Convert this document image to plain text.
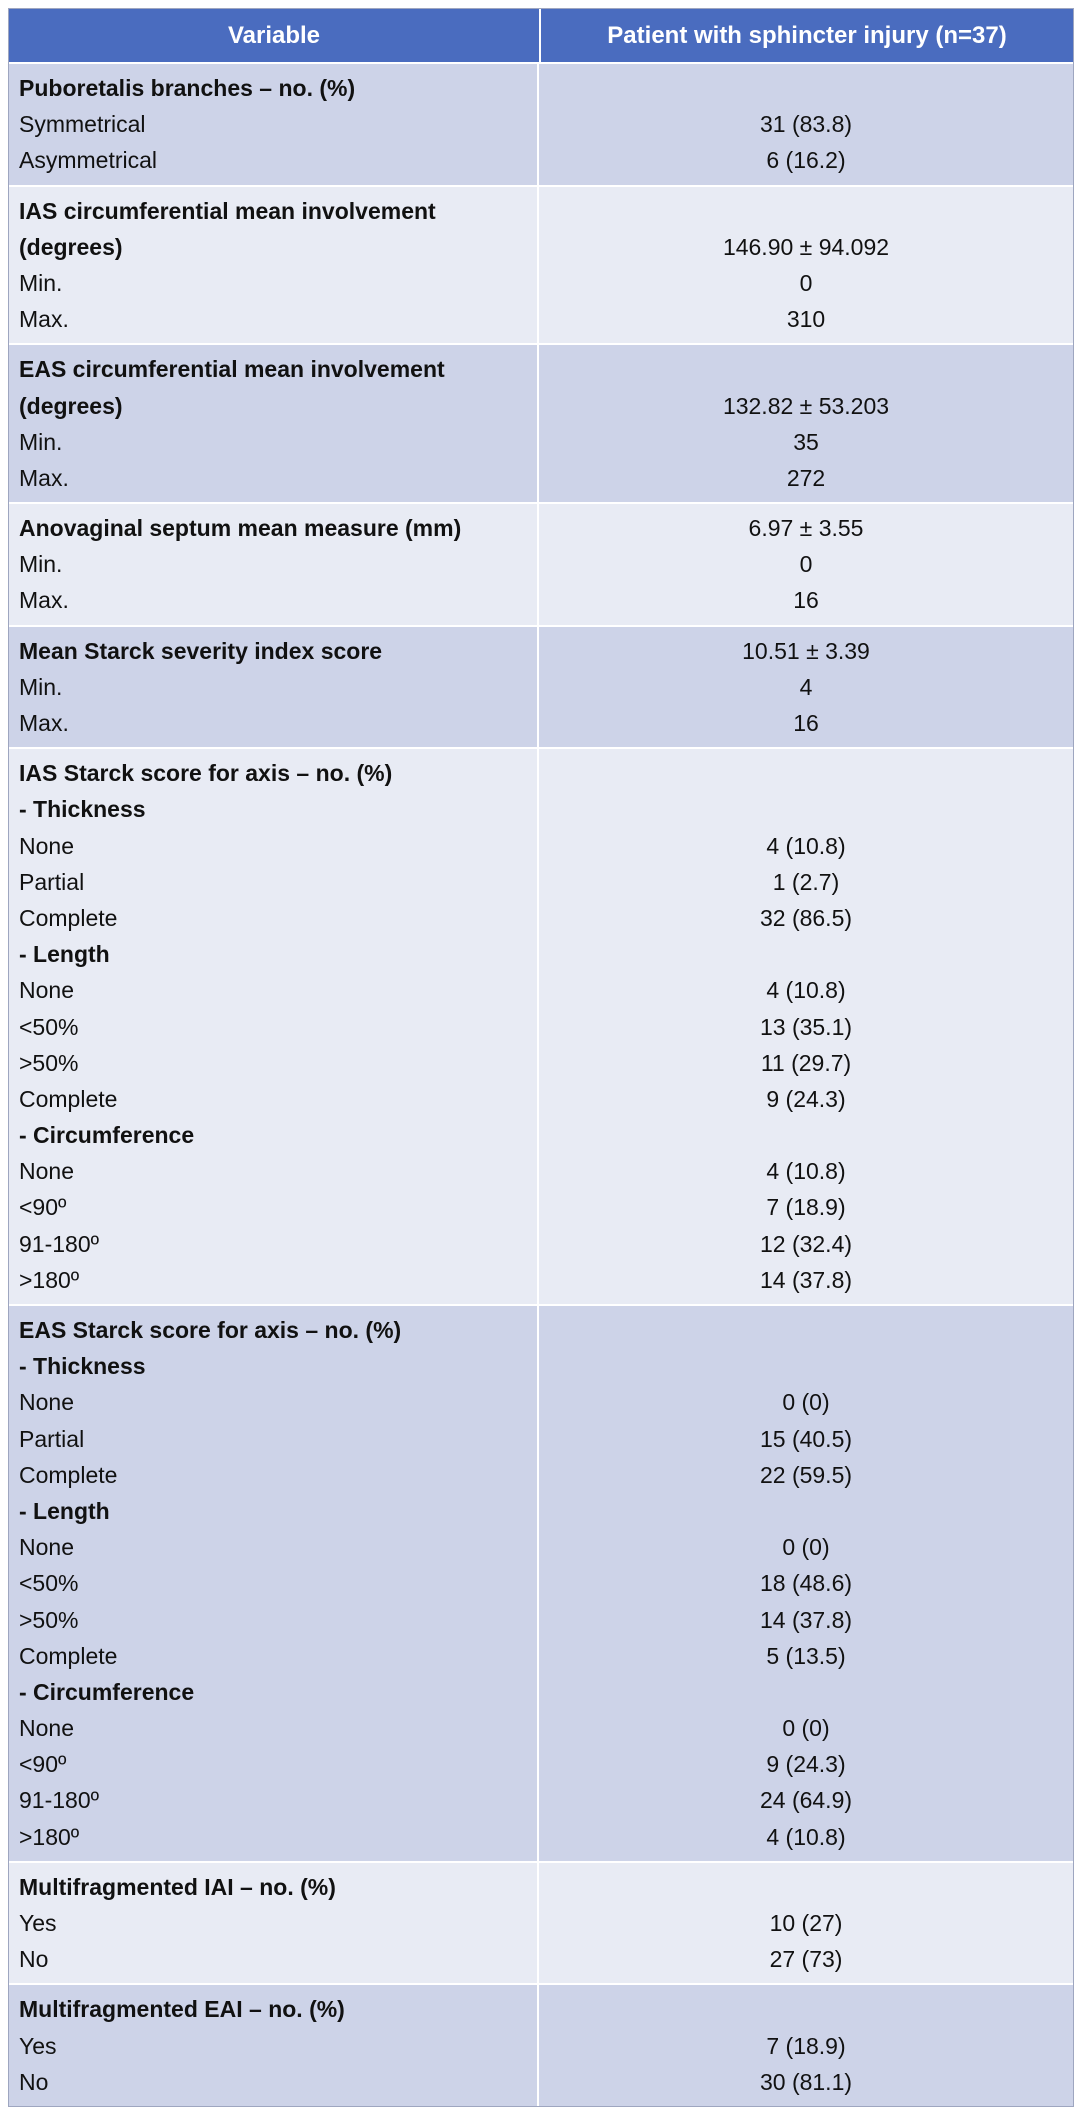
Variable	Patient with sphincter injury (n=37)
Puboretalis branches – no. (%)
Symmetrical
Asymmetrical
31 (83.8)
6 (16.2)
IAS circumferential mean involvement
(degrees)
Min.
Max.
146.90 ± 94.092
0
310
EAS circumferential mean involvement
(degrees)
Min.
Max.
132.82 ± 53.203
35
272
Anovaginal septum mean measure (mm)
Min.
Max.
6.97 ± 3.55
0
16
Mean Starck severity index score
Min.
Max.
10.51 ± 3.39
4
16
IAS Starck score for axis – no. (%)
- Thickness
None
Partial
Complete
- Length
None
<50%
>50%
Complete
- Circumference
None
<90º
91-180º
>180º
4 (10.8)
1 (2.7)
32 (86.5)
4 (10.8)
13 (35.1)
11 (29.7)
9 (24.3)
4 (10.8)
7 (18.9)
12 (32.4)
14 (37.8)
EAS Starck score for axis – no. (%)
- Thickness
None
Partial
Complete
- Length
None
<50%
>50%
Complete
- Circumference
None
<90º
91-180º
>180º
0 (0)
15 (40.5)
22 (59.5)
0 (0)
18 (48.6)
14 (37.8)
5 (13.5)
0 (0)
9 (24.3)
24 (64.9)
4 (10.8)
Multifragmented IAI – no. (%)
Yes
No
10 (27)
27 (73)
Multifragmented EAI – no. (%)
Yes
No
7 (18.9)
30 (81.1)
